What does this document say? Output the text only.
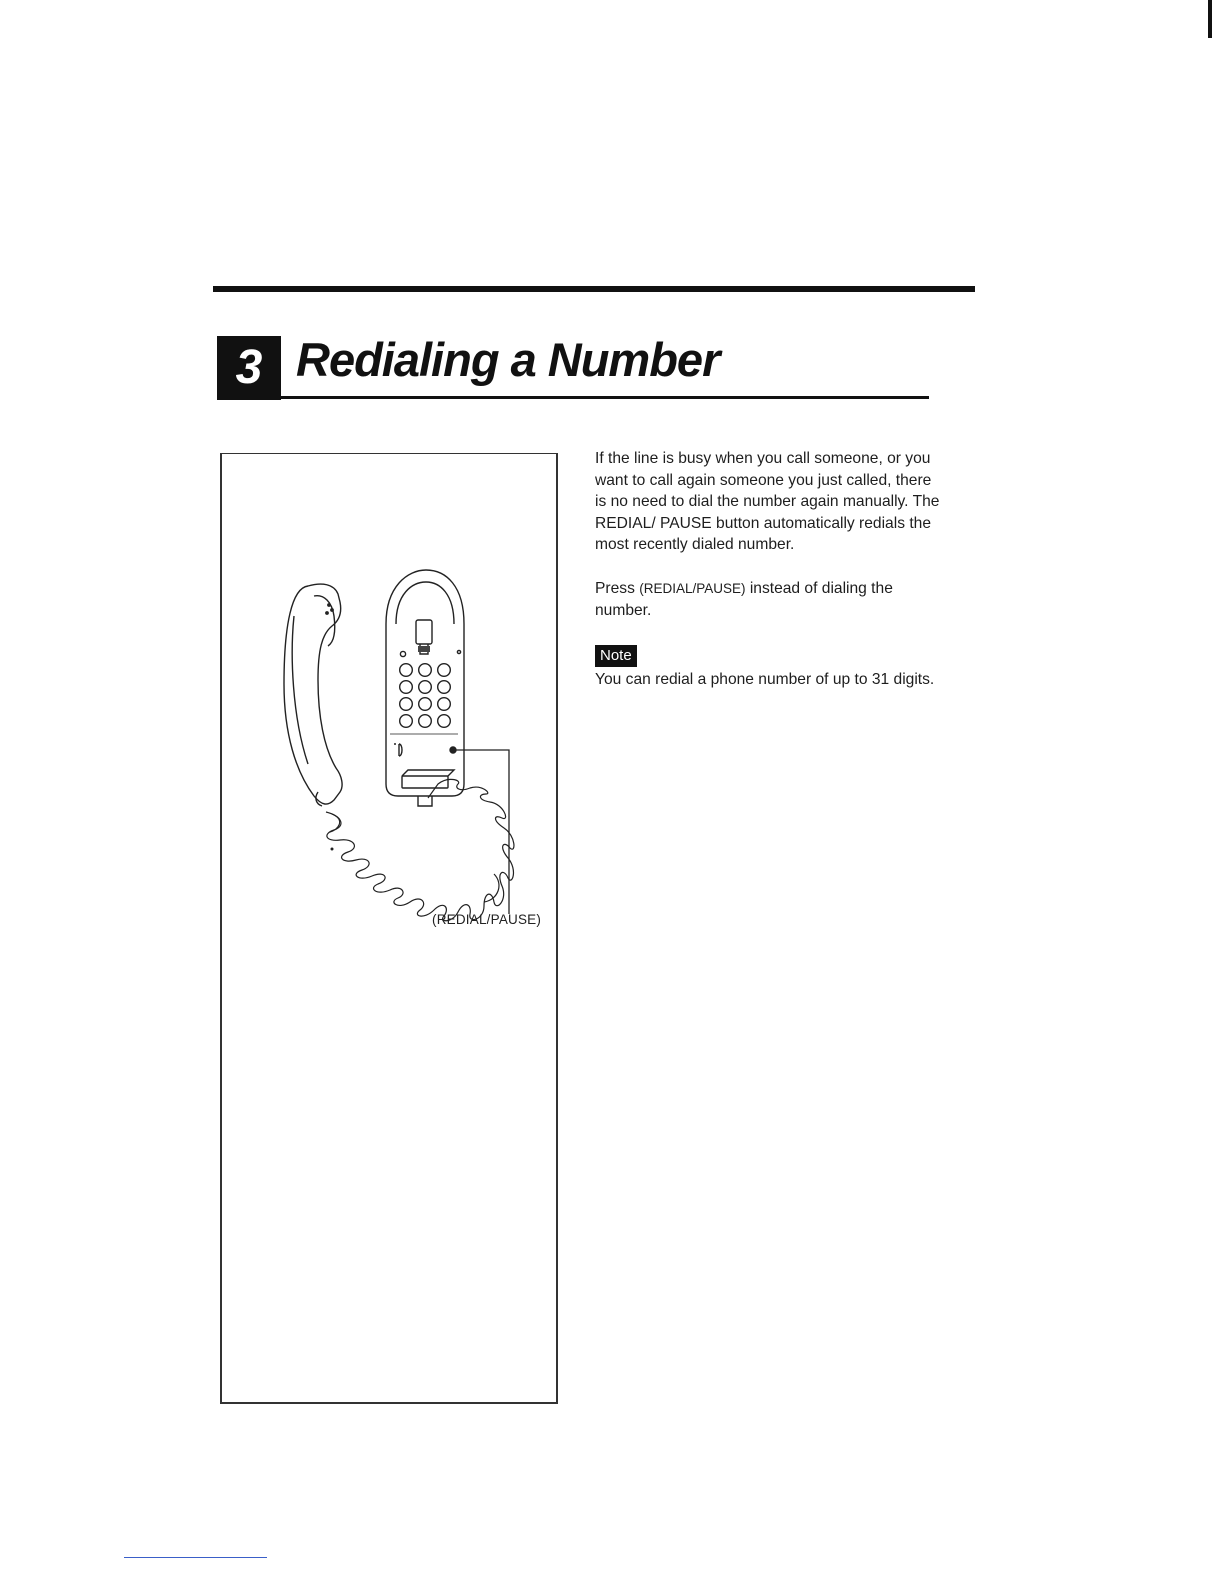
3 Redialing a Number
(REDIAL/PAUSE)

If the line is busy when you call someone, or you want to call again someone you just called, there is no need to dial the number again manually. The REDIAL/ PAUSE button automatically redials the most recently dialed number.

Press (REDIAL/PAUSE) instead of dialing the number.

Note

You can redial a phone number of up to 31 digits.
